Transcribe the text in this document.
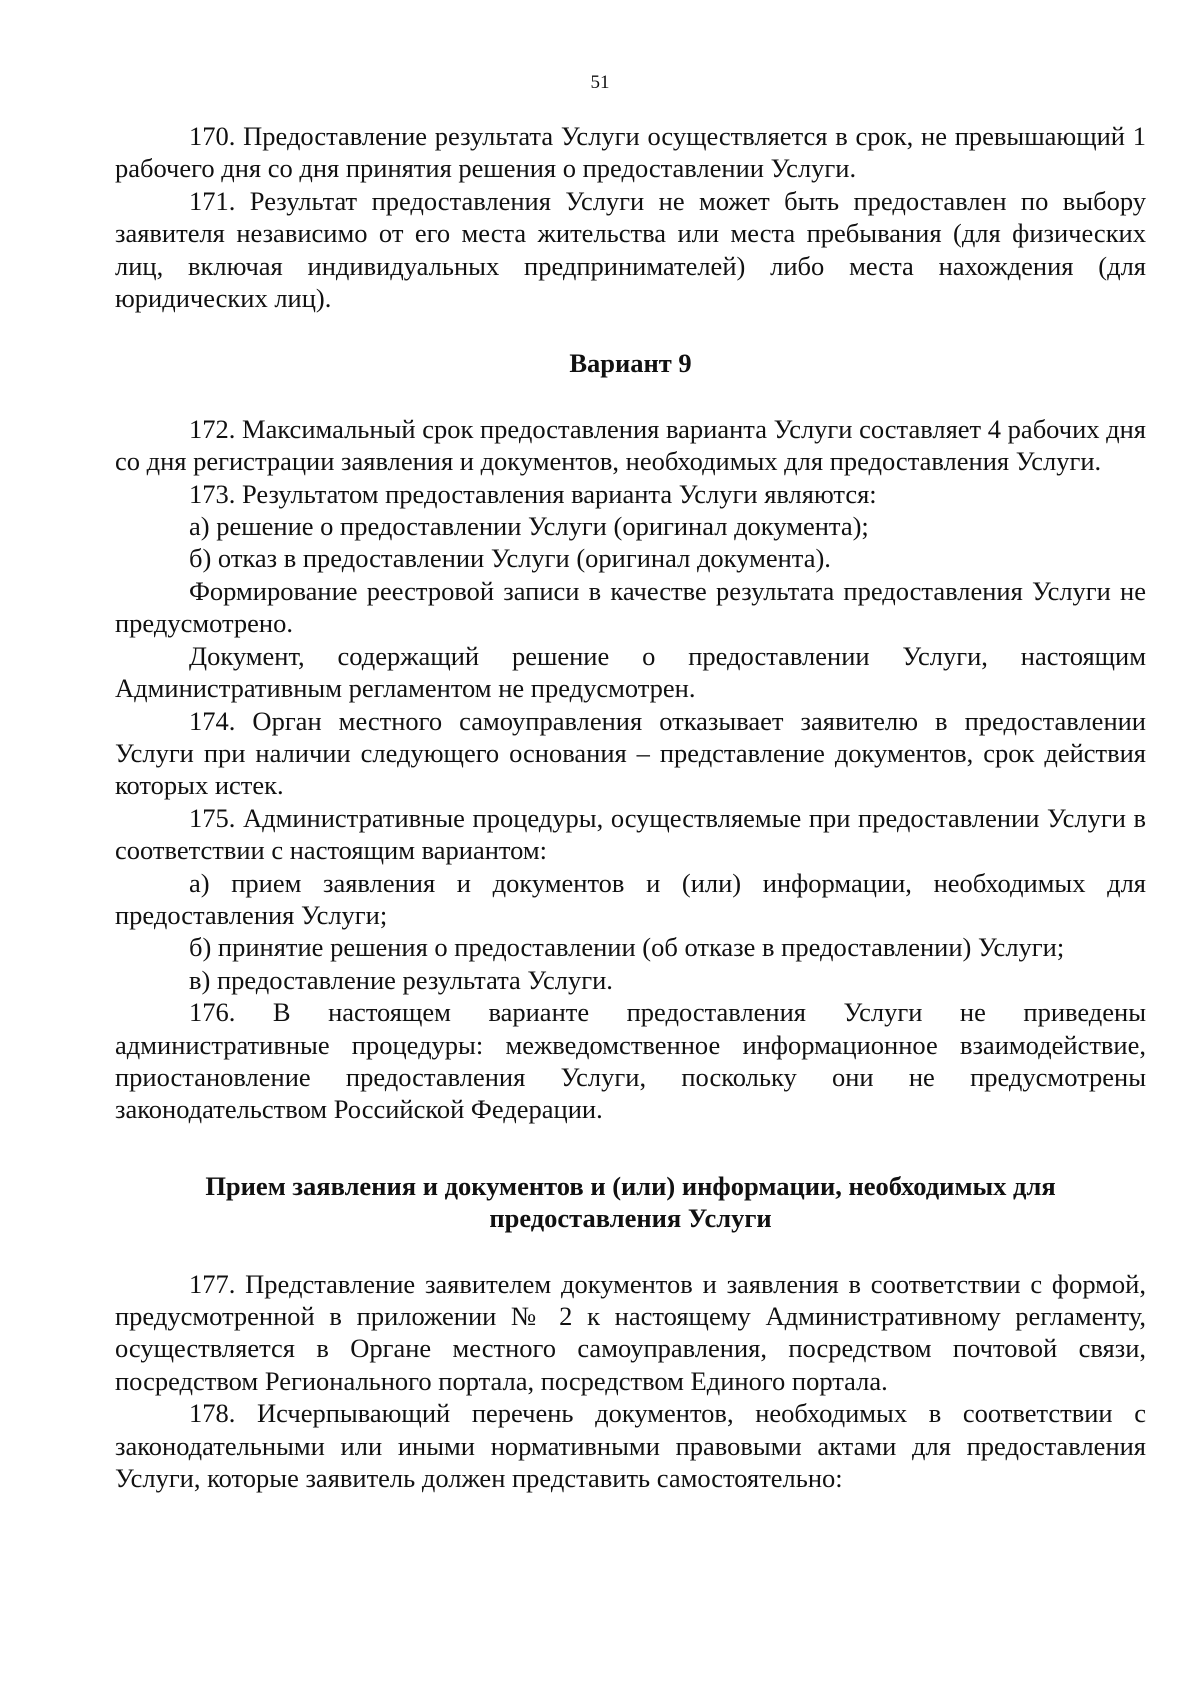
51

170. Предоставление результата Услуги осуществляется в срок, не превышающий 1 рабочего дня со дня принятия решения о предоставлении Услуги.

171. Результат предоставления Услуги не может быть предоставлен по выбору заявителя независимо от его места жительства или места пребывания (для физических лиц, включая индивидуальных предпринимателей) либо места нахождения (для юридических лиц).

Вариант 9

172. Максимальный срок предоставления варианта Услуги составляет 4 рабочих дня со дня регистрации заявления и документов, необходимых для предоставления Услуги.

173. Результатом предоставления варианта Услуги являются:

а) решение о предоставлении Услуги (оригинал документа);

б) отказ в предоставлении Услуги (оригинал документа).

Формирование реестровой записи в качестве результата предоставления Услуги не предусмотрено.

Документ, содержащий решение о предоставлении Услуги, настоящим Административным регламентом не предусмотрен.

174. Орган местного самоуправления отказывает заявителю в предоставлении Услуги при наличии следующего основания – представление документов, срок действия которых истек.

175. Административные процедуры, осуществляемые при предоставлении Услуги в соответствии с настоящим вариантом:

а) прием заявления и документов и (или) информации, необходимых для предоставления Услуги;

б) принятие решения о предоставлении (об отказе в предоставлении) Услуги;

в) предоставление результата Услуги.

176. В настоящем варианте предоставления Услуги не приведены административные процедуры: межведомственное информационное взаимодействие, приостановление предоставления Услуги, поскольку они не предусмотрены законодательством Российской Федерации.

Прием заявления и документов и (или) информации, необходимых для
предоставления Услуги

177. Представление заявителем документов и заявления в соответствии с формой, предусмотренной в приложении № 2 к настоящему Административному регламенту, осуществляется в Органе местного самоуправления, посредством почтовой связи, посредством Регионального портала, посредством Единого портала.

178. Исчерпывающий перечень документов, необходимых в соответствии с законодательными или иными нормативными правовыми актами для предоставления Услуги, которые заявитель должен представить самостоятельно:
